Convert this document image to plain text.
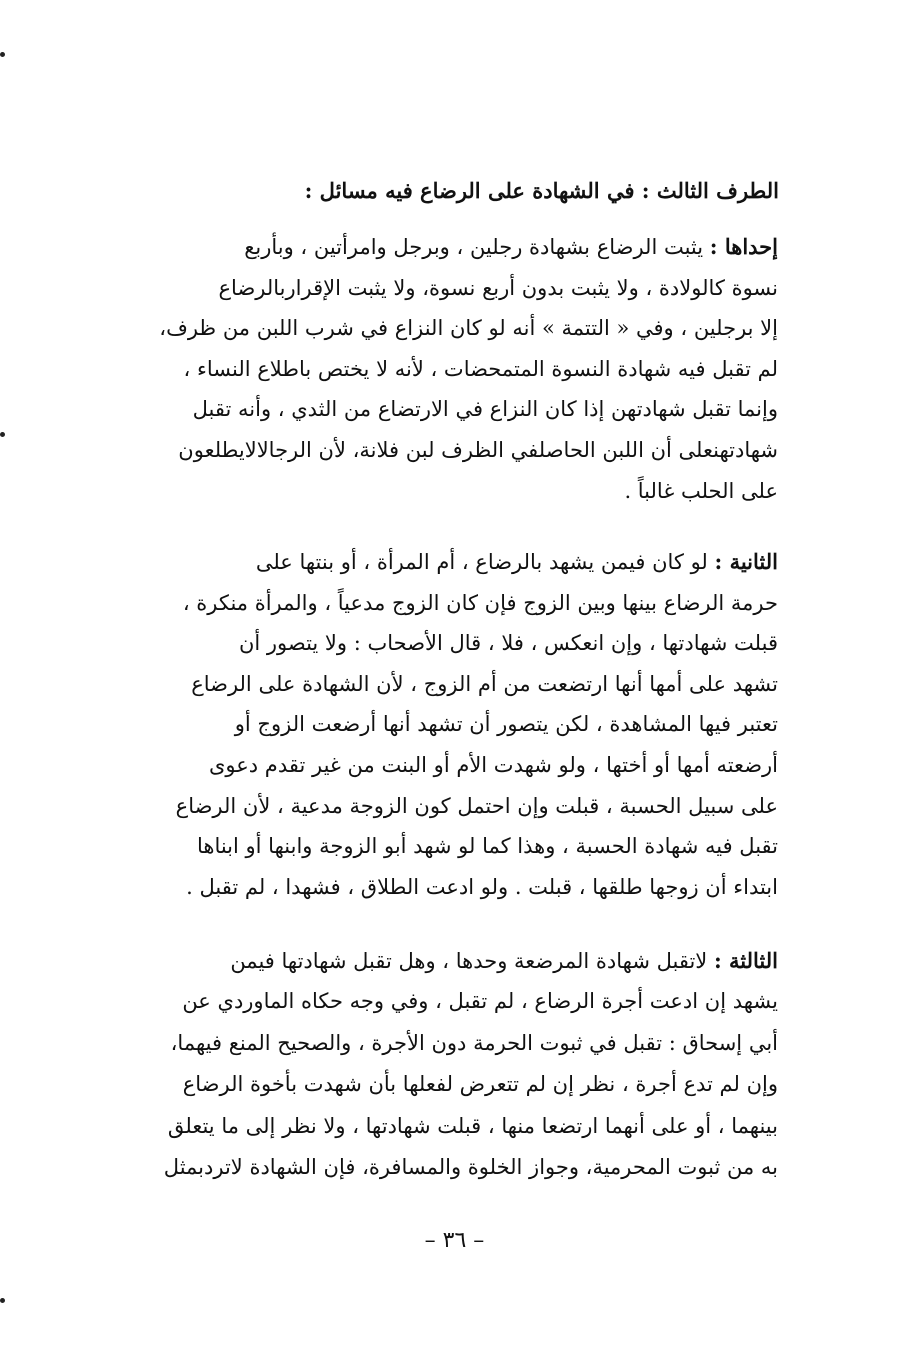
الطرف الثالث : في الشهادة على الرضاع فيه مسائل :
إحداها : يثبت الرضاع بشهادة رجلين ، وبرجل وامرأتين ، وبأربع
نسوة كالولادة ، ولا يثبت بدون أربع نسوة، ولا يثبت الإقراربالرضاع
إلا برجلين ، وفي « التتمة » أنه لو كان النزاع في شرب اللبن من ظرف،
لم تقبل فيه شهادة النسوة المتمحضات ، لأنه لا يختص باطلاع النساء ،
وإنما تقبل شهادتهن إذا كان النزاع في الارتضاع من الثدي ، وأنه تقبل
شهادتهنعلى أن اللبن الحاصلفي الظرف لبن فلانة، لأن الرجالالايطلعون
على الحلب غالباً .
الثانية : لو كان فيمن يشهد بالرضاع ، أم المرأة ، أو بنتها على
حرمة الرضاع بينها وبين الزوج فإن كان الزوج مدعياً ، والمرأة منكرة ،
قبلت شهادتها ، وإن انعكس ، فلا ، قال الأصحاب : ولا يتصور أن
تشهد على أمها أنها ارتضعت من أم الزوج ، لأن الشهادة على الرضاع
تعتبر فيها المشاهدة ، لكن يتصور أن تشهد أنها أرضعت الزوج أو
أرضعته أمها أو أختها ، ولو شهدت الأم أو البنت من غير تقدم دعوى
على سبيل الحسبة ، قبلت وإن احتمل كون الزوجة مدعية ، لأن الرضاع
تقبل فيه شهادة الحسبة ، وهذا كما لو شهد أبو الزوجة وابنها أو ابناها
ابتداء أن زوجها طلقها ، قبلت . ولو ادعت الطلاق ، فشهدا ، لم تقبل .
الثالثة : لاتقبل شهادة المرضعة وحدها ، وهل تقبل شهادتها فيمن
يشهد إن ادعت أجرة الرضاع ، لم تقبل ، وفي وجه حكاه الماوردي عن
أبي إسحاق : تقبل في ثبوت الحرمة دون الأجرة ، والصحيح المنع فيهما،
وإن لم تدع أجرة ، نظر إن لم تتعرض لفعلها بأن شهدت بأخوة الرضاع
بينهما ، أو على أنهما ارتضعا منها ، قبلت شهادتها ، ولا نظر إلى ما يتعلق
به من ثبوت المحرمية، وجواز الخلوة والمسافرة، فإن الشهادة لاتردبمثل
– ٣٦ –
